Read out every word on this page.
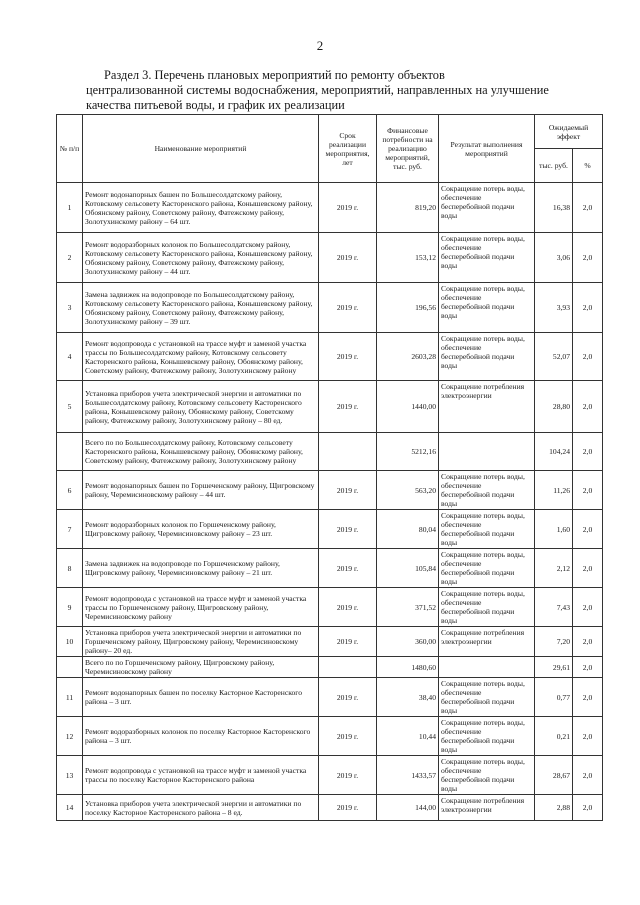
2
Раздел 3. Перечень плановых мероприятий по ремонту объектов
централизованной системы водоснабжения, мероприятий, направленных на улучшение
качества питьевой воды, и график их реализации
№ п/п	Наименование мероприятий	Срок реализации мероприятия, лет	Финансовые потребности на реализацию мероприятий, тыс. руб.	Результат выполнения мероприятий	Ожидаемый эффект	
					тыс. руб.	%
1	Ремонт водонапорных башен по Большесолдатскому району, Котовскому сельсовету Касторенского района, Конышевскому району, Обоянскому району, Советскому району, Фатежскому району, Золотухинскому району – 64 шт.	2019 г.	819,20	Сокращение потерь воды, обеспечение бесперебойной подачи воды	16,38	2,0
2	Ремонт водоразборных колонок по Большесолдатскому району, Котовскому сельсовету Касторенского района, Конышевскому району, Обоянскому району, Советскому району, Фатежскому району, Золотухинскому району – 44 шт.	2019 г.	153,12	Сокращение потерь воды, обеспечение бесперебойной подачи воды	3,06	2,0
3	Замена задвижек на водопроводе по Большесолдатскому району, Котовскому сельсовету Касторенского района, Конышевскому району, Обоянскому району, Советскому району, Фатежскому району, Золотухинскому району – 39 шт.	2019 г.	196,56	Сокращение потерь воды, обеспечение бесперебойной подачи воды	3,93	2,0
4	Ремонт водопровода с установкой на трассе муфт и заменой участка трассы по Большесолдатскому району, Котовскому сельсовету Касторенского района, Конышевскому району, Обоянскому району, Советскому району, Фатежскому району, Золотухинскому району	2019 г.	2603,28	Сокращение потерь воды, обеспечение бесперебойной подачи воды	52,07	2,0
5	Установка приборов учета электрической энергии и автоматики по Большесолдатскому району, Котовскому сельсовету Касторенского района, Конышевскому району, Обоянскому району, Советскому району, Фатежскому району, Золотухинскому району – 80 ед.	2019 г.	1440,00	Сокращение потребления электроэнергии	28,80	2,0
	Всего по по Большесолдатскому району, Котовскому сельсовету Касторенского района, Конышевскому району, Обоянскому району, Советскому району, Фатежскому району, Золотухинскому району		5212,16		104,24	2,0
6	Ремонт водонапорных башен по Горшеченскому району, Щигровскому району, Черемисиновскому району – 44 шт.	2019 г.	563,20	Сокращение потерь воды, обеспечение бесперебойной подачи воды	11,26	2,0
7	Ремонт водоразборных колонок по Горшеченскому району, Щигровскому району, Черемисиновскому району – 23 шт.	2019 г.	80,04	Сокращение потерь воды, обеспечение бесперебойной подачи воды	1,60	2,0
8	Замена задвижек на водопроводе по Горшеченскому району, Щигровскому району, Черемисиновскому району – 21 шт.	2019 г.	105,84	Сокращение потерь воды, обеспечение бесперебойной подачи воды	2,12	2,0
9	Ремонт водопровода с установкой на трассе муфт и заменой участка трассы по Горшеченскому району, Щигровскому району, Черемисиновскому району	2019 г.	371,52	Сокращение потерь воды, обеспечение бесперебойной подачи воды	7,43	2,0
10	Установка приборов учета электрической энергии и автоматики по Горшеченскому району, Щигровскому району, Черемисиновскому району– 20 ед.	2019 г.	360,00	Сокращение потребления электроэнергии	7,20	2,0
	Всего по по Горшеченскому району, Щигровскому району, Черемисиновскому району		1480,60		29,61	2,0
11	Ремонт водонапорных башен по поселку Касторное Касторенского района – 3 шт.	2019 г.	38,40	Сокращение потерь воды, обеспечение бесперебойной подачи воды	0,77	2,0
12	Ремонт водоразборных колонок по поселку Касторное Касторенского района – 3 шт.	2019 г.	10,44	Сокращение потерь воды, обеспечение бесперебойной подачи воды	0,21	2,0
13	Ремонт водопровода с установкой на трассе муфт и заменой участка трассы по поселку Касторное Касторенского района	2019 г.	1433,57	Сокращение потерь воды, обеспечение бесперебойной подачи воды	28,67	2,0
14	Установка приборов учета электрической энергии и автоматики по поселку Касторное Касторенского района – 8 ед.	2019 г.	144,00	Сокращение потребления электроэнергии	2,88	2,0
